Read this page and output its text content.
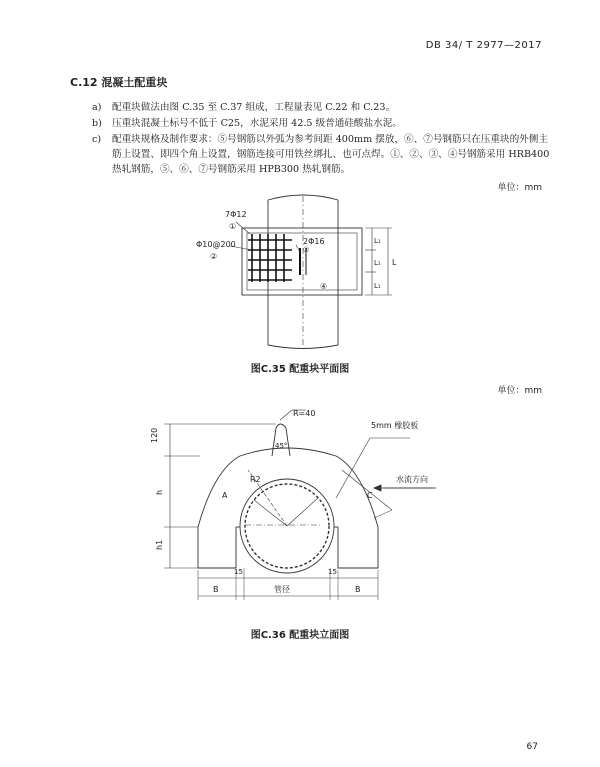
DB 34/ T 2977—2017
C.12 混凝土配重块
a)	配重块做法由图 C.35 至 C.37 组成，工程量表见 C.22 和 C.23。
b)	压重块混凝土标号不低于 C25，水泥采用 42.5 级普通硅酸盐水泥。
c)	配重块规格及制作要求：⑤号钢筋以外弧为参考间距 400mm 摆放，⑥、⑦号钢筋只在压重块的外侧主筋上设置、即四个角上设置，钢筋连接可用铁丝绑扎、也可点焊。①、②、③、④号钢筋采用 HRB400 热轧钢筋，⑤、⑥、⑦号钢筋采用 HPB300 热轧钢筋。
单位：mm
7Φ12
①
Φ10@200
②
2Φ16
②
④
L
L₁
L₁
L₁
图C.35 配重块平面图
单位：mm
R=40
45°
5mm 橡胶板
水流方向
R2
A	C
120
h
h1
15	15
B	管径	B
图C.36 配重块立面图
67
